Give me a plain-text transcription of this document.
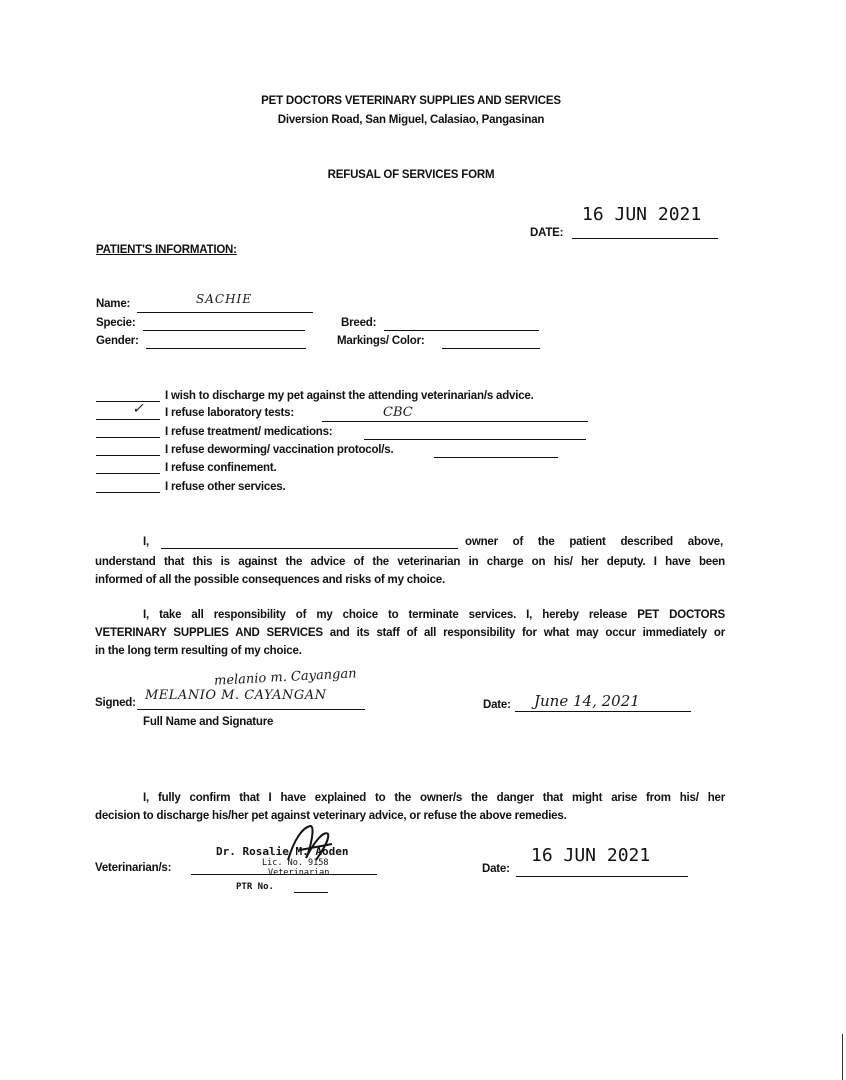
PET DOCTORS VETERINARY SUPPLIES AND SERVICES
Diversion Road, San Miguel, Calasiao, Pangasinan
REFUSAL OF SERVICES FORM
16 JUN 2021
DATE:
PATIENT'S INFORMATION:
Name:	SACHIE
Specie:	Breed:
Gender:	Markings/ Color:
I wish to discharge my pet against the attending veterinarian/s advice.
✓ I refuse laboratory tests:	CBC
I refuse treatment/ medications:
I refuse deworming/ vaccination protocol/s.
I refuse confinement.
I refuse other services.
I,	owner of the patient described above,
understand that this is against the advice of the veterinarian in charge on his/ her deputy. I have been
informed of all the possible consequences and risks of my choice.
I, take all responsibility of my choice to terminate services. I, hereby release PET DOCTORS
VETERINARY SUPPLIES AND SERVICES and its staff of all responsibility for what may occur immediately or
in the long term resulting of my choice.
melanio m. Cayangan
Signed: MELANIO M. CAYANGAN
Full Name and Signature
Date: June 14, 2021
I, fully confirm that I have explained to the owner/s the danger that might arise from his/ her
decision to discharge his/her pet against veterinary advice, or refuse the above remedies.
Dr. Rosalie M. Aoden
Lic. No. 9158
Veterinarian/s:	Veterinarian
PTR No.
16 JUN 2021
Date:
